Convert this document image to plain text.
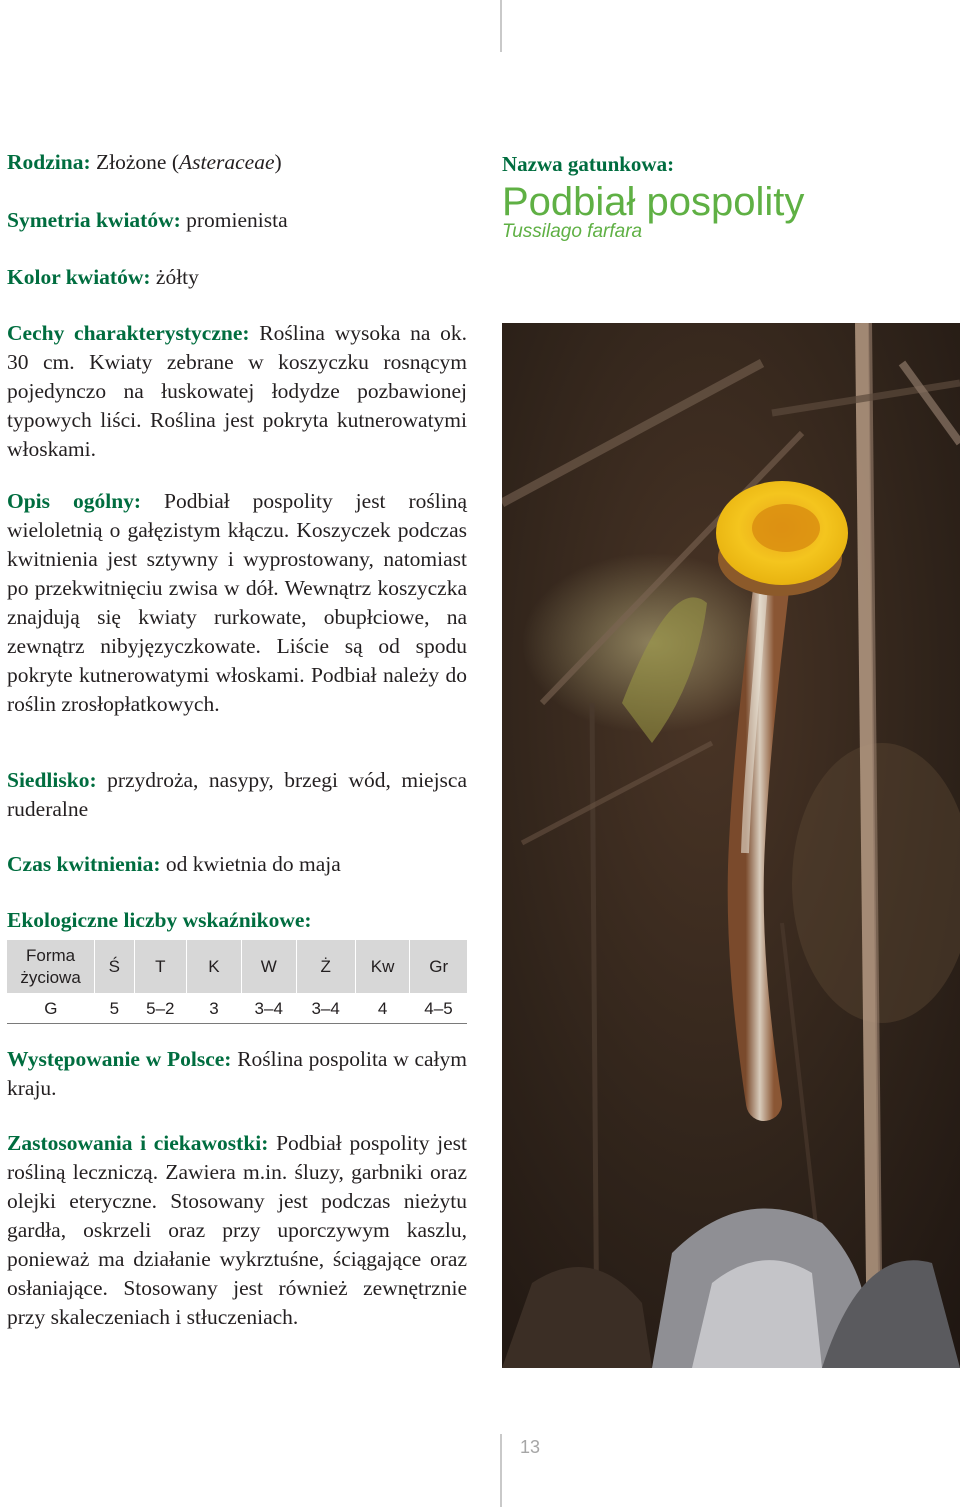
Rodzina: Złożone (Asteraceae)

Symetria kwiatów: promienista

Kolor kwiatów: żółty

Cechy charakterystyczne: Roślina wysoka na ok. 30 cm. Kwiaty zebrane w koszyczku rosnącym pojedynczo na łuskowatej łodydze pozbawionej typowych liści. Roślina jest pokryta kutnerowatymi włoskami.

Opis ogólny: Podbiał pospolity jest rośliną wieloletnią o gałęzistym kłączu. Koszyczek podczas kwitnienia jest sztywny i wyprostowany, natomiast po przekwitnięciu zwisa w dół. Wewnątrz koszyczka znajdują się kwiaty rurkowate, obupłciowe, na zewnątrz nibyjęzyczkowate. Liście są od spodu pokryte kutnerowatymi włoskami. Podbiał należy do roślin zrosłopłatkowych.

Siedlisko: przydroża, nasypy, brzegi wód, miejsca ruderalne

Czas kwitnienia: od kwietnia do maja

Ekologiczne liczby wskaźnikowe:

Forma życiowa	Ś	T	K	W	Ż	Kw	Gr
G	5	5–2	3	3–4	3–4	4	4–5

Występowanie w Polsce: Roślina pospolita w całym kraju.

Zastosowania i ciekawostki: Podbiał pospolity jest rośliną leczniczą. Zawiera m.in. śluzy, garbniki oraz olejki eteryczne. Stosowany jest podczas nieżytu gardła, oskrzeli oraz przy uporczywym kaszlu, ponieważ ma działanie wykrztuśne, ściągające oraz osłaniające. Stosowany jest również zewnętrznie przy skaleczeniach i stłuczeniach.

Nazwa gatunkowa:
Podbiał pospolity
Tussilago farfara
13
